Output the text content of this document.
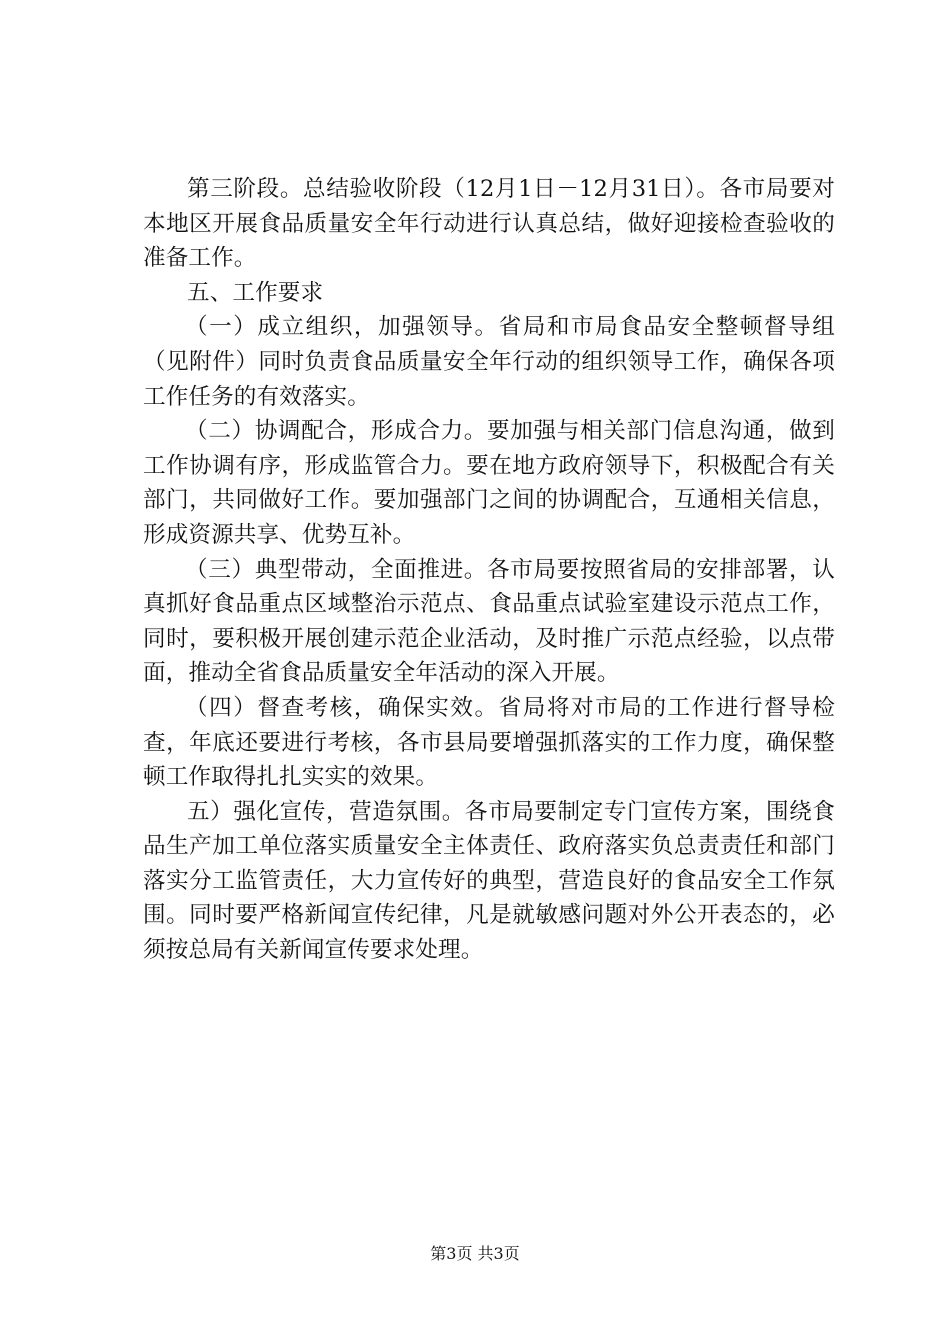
第三阶段。总结验收阶段（12月1日－12月31日）。各市局要对本地区开展食品质量安全年行动进行认真总结，做好迎接检查验收的准备工作。

五、工作要求

（一）成立组织，加强领导。省局和市局食品安全整顿督导组（见附件）同时负责食品质量安全年行动的组织领导工作，确保各项工作任务的有效落实。

（二）协调配合，形成合力。要加强与相关部门信息沟通，做到工作协调有序，形成监管合力。要在地方政府领导下，积极配合有关部门，共同做好工作。要加强部门之间的协调配合，互通相关信息，形成资源共享、优势互补。

（三）典型带动，全面推进。各市局要按照省局的安排部署，认真抓好食品重点区域整治示范点、食品重点试验室建设示范点工作，同时，要积极开展创建示范企业活动，及时推广示范点经验，以点带面，推动全省食品质量安全年活动的深入开展。

（四）督查考核，确保实效。省局将对市局的工作进行督导检查，年底还要进行考核，各市县局要增强抓落实的工作力度，确保整顿工作取得扎扎实实的效果。

五）强化宣传，营造氛围。各市局要制定专门宣传方案，围绕食品生产加工单位落实质量安全主体责任、政府落实负总责责任和部门落实分工监管责任，大力宣传好的典型，营造良好的食品安全工作氛围。同时要严格新闻宣传纪律，凡是就敏感问题对外公开表态的，必须按总局有关新闻宣传要求处理。

第3页 共3页
